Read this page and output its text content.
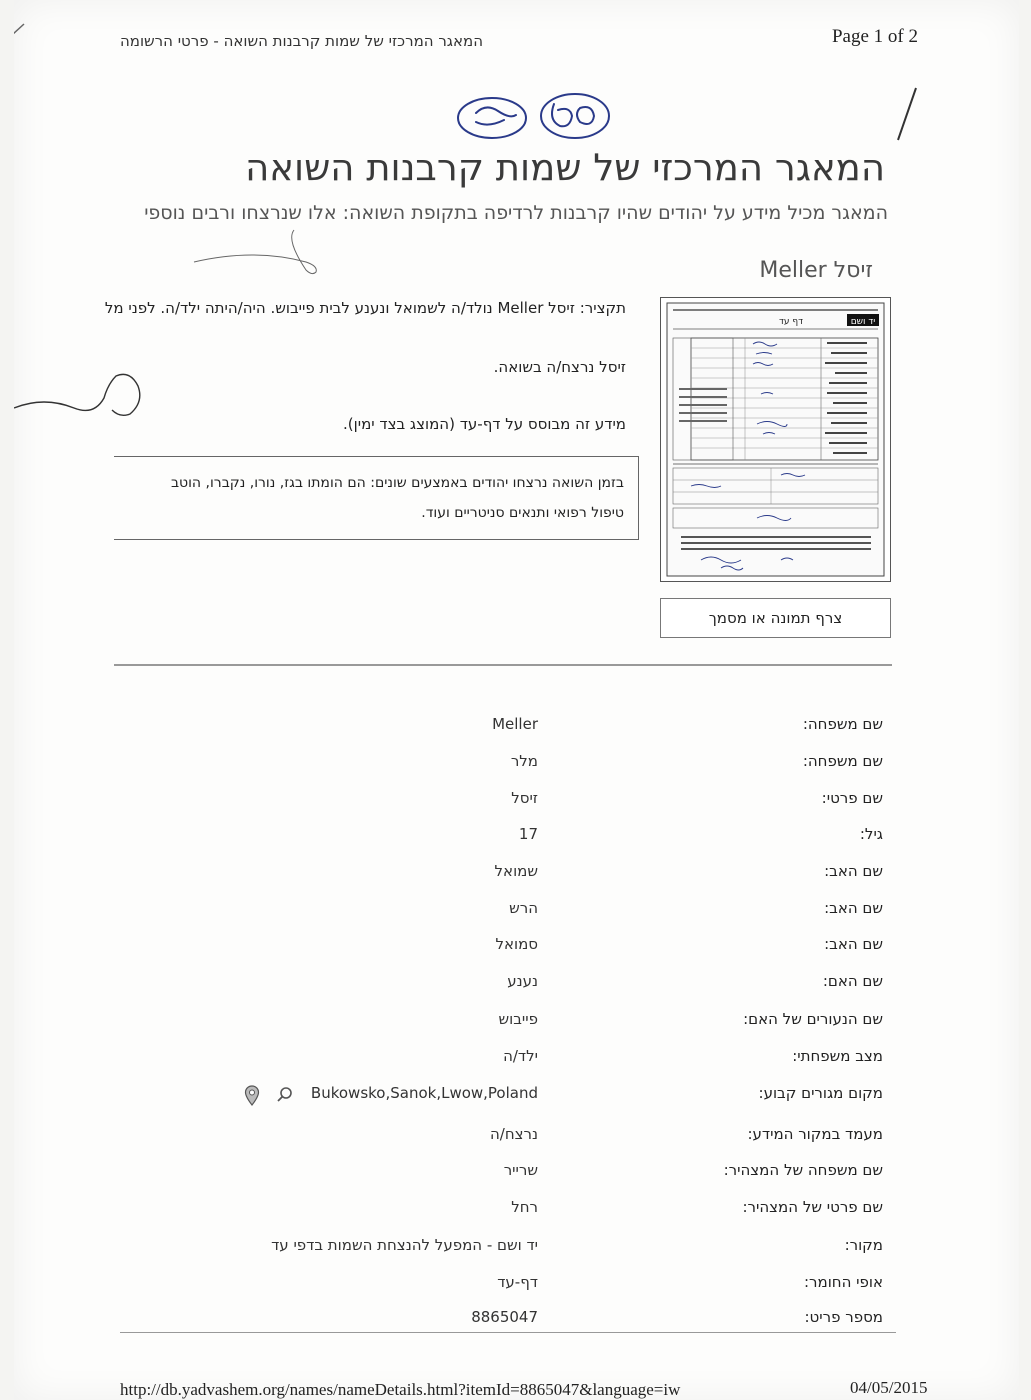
המאגר המרכזי של שמות קרבנות השואה - פרטי הרשומה	Page 1 of 2
המאגר המרכזי של שמות קרבנות השואה
המאגר מכיל מידע על יהודים שהיו קרבנות לרדיפה בתקופת השואה: אלו שנרצחו ורבים נוספי
זיסל Meller
תקציר: זיסל Meller נולד/ה לשמואל ונענע לבית פייבוש. היה/היתה ילד/ה. לפני מל
זיסל נרצח/ה בשואה.
מידע זה מבוסס על דף-עד (המוצג בצד ימין).
בזמן השואה נרצחו יהודים באמצעים שונים: הם הומתו בגז, נורו, נקברו, הוטב
טיפול רפואי ותנאים סניטריים ועוד.
יד ושם
דף עד
צרף תמונה או מסמך
שם משפחה:
Meller
שם משפחה:
מלר
שם פרטי:
זיסל
גיל:
17
שם האב:
שמואל
שם האב:
הרש
שם האב:
סמואל
שם האם:
נענע
שם הנעורים של האם:
פייבוש
מצב משפחתי:
ילד/ה
מקום מגורים קבוע:
Bukowsko,Sanok,Lwow,Poland
מעמד במקור המידע:
נרצח/ה
שם משפחה של המצהיר:
שרייר
שם פרטי של המצהיר:
רחל
מקור:
יד ושם - המפעל להנצחת השמות בדפי עד
אופי החומר:
דף-עד
מספר פריט:
8865047
http://db.yadvashem.org/names/nameDetails.html?itemId=8865047&language=iw	04/05/2015
